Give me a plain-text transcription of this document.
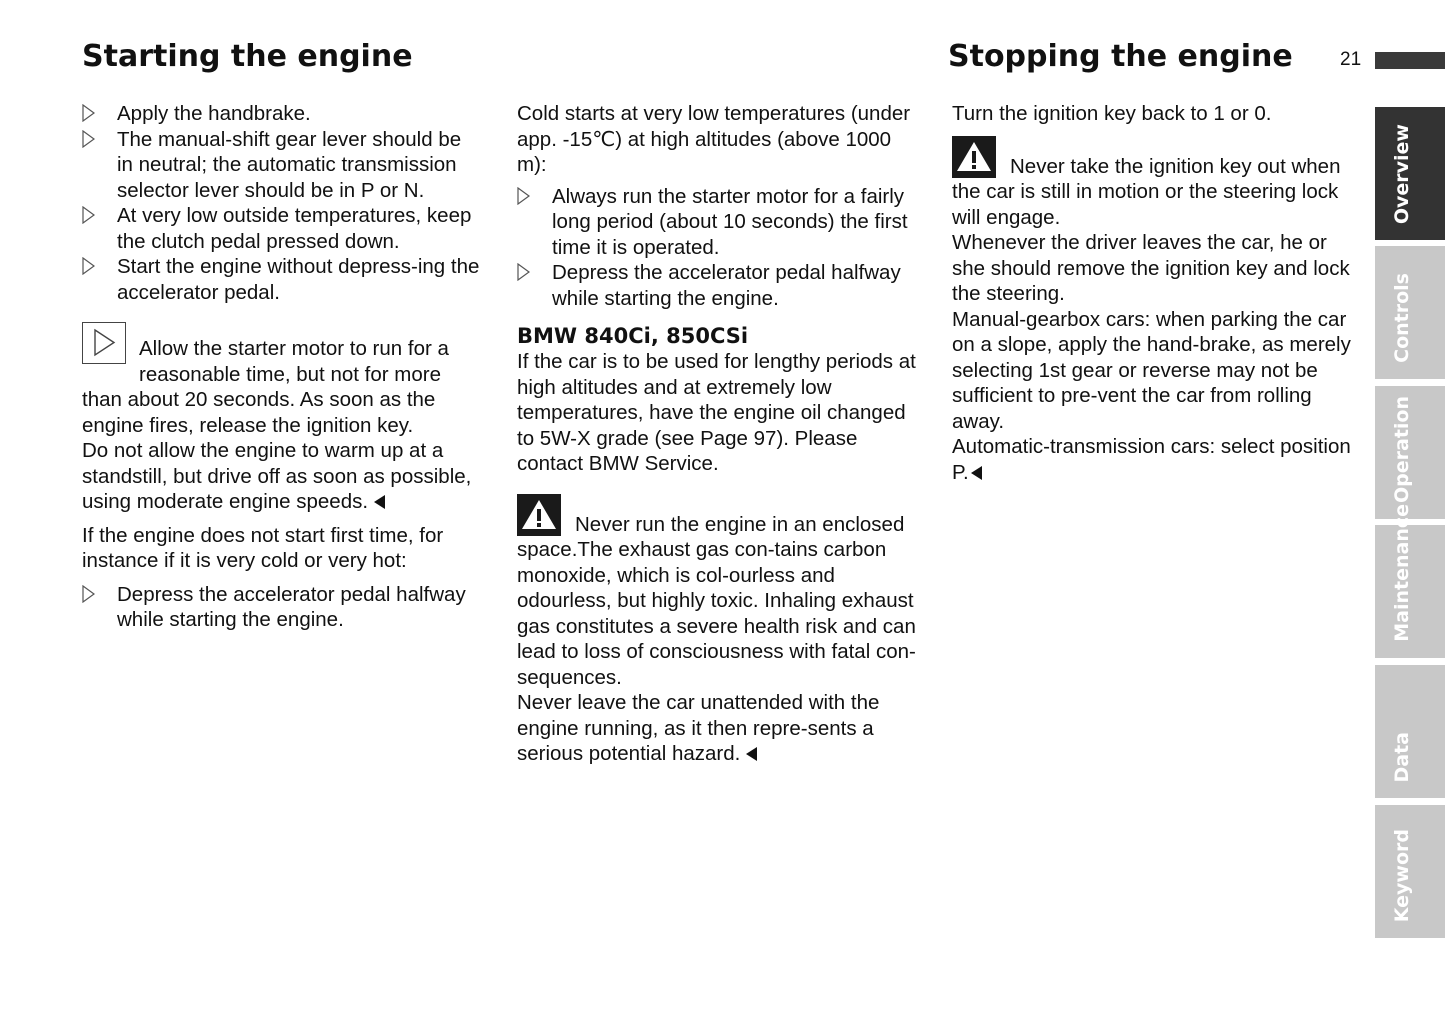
Starting the engine	Stopping the engine 21
Apply the handbrake.
The manual-shift gear lever should be in neutral; the automatic transmission selector lever should be in P or N.
At very low outside temperatures, keep the clutch pedal pressed down.
Start the engine without depress-ing the accelerator pedal.

Allow the starter motor to run for a reasonable time, but not for more than about 20 seconds. As soon as the engine fires, release the ignition key.

Do not allow the engine to warm up at a standstill, but drive off as soon as possible, using moderate engine speeds.

If the engine does not start first time, for instance if it is very cold or very hot:

Depress the accelerator pedal halfway while starting the engine.

Cold starts at very low temperatures (under app. -15℃) at high altitudes (above 1000 m):

Always run the starter motor for a fairly long period (about 10 seconds) the first time it is operated.
Depress the accelerator pedal halfway while starting the engine.

BMW 840Ci, 850CSi

If the car is to be used for lengthy periods at high altitudes and at extremely low temperatures, have the engine oil changed to 5W-X grade (see Page 97). Please contact BMW Service.

Never run the engine in an enclosed space.The exhaust gas con-tains carbon monoxide, which is col-ourless and odourless, but highly toxic. Inhaling exhaust gas constitutes a severe health risk and can lead to loss of consciousness with fatal con-sequences.

Never leave the car unattended with the engine running, as it then repre-sents a serious potential hazard.

Turn the ignition key back to 1 or 0.

Never take the ignition key out when the car is still in motion or the steering lock will engage.

Whenever the driver leaves the car, he or she should remove the ignition key and lock the steering.

Manual-gearbox cars: when parking the car on a slope, apply the hand-brake, as merely selecting 1st gear or reverse may not be sufficient to pre-vent the car from rolling away.

Automatic-transmission cars: select position P.

Overview
Controls
Operation
Maintenance
Data
Keyword
